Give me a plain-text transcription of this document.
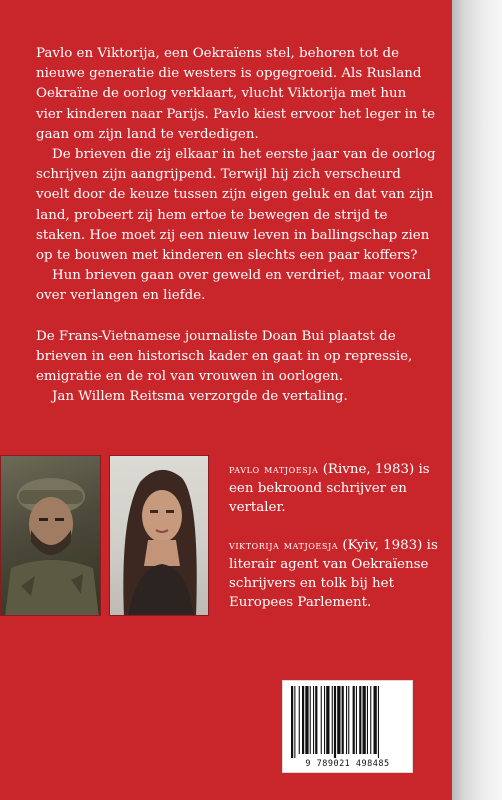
Pavlo en Viktorija, een Oekraïens stel, behoren tot de nieuwe generatie die westers is opgegroeid. Als Rusland Oekraïne de oorlog verklaart, vlucht Viktorija met hun vier kinderen naar Parijs. Pavlo kiest ervoor het leger in te gaan om zijn land te verdedigen.

De brieven die zij elkaar in het eerste jaar van de oorlog schrijven zijn aangrijpend. Terwijl hij zich verscheurd voelt door de keuze tussen zijn eigen geluk en dat van zijn land, probeert zij hem ertoe te bewegen de strijd te staken. Hoe moet zij een nieuw leven in ballingschap zien op te bouwen met kinderen en slechts een paar koffers?

Hun brieven gaan over geweld en verdriet, maar vooral over verlangen en liefde.

De Frans-Vietnamese journaliste Doan Bui plaatst de brieven in een historisch kader en gaat in op repressie, emigratie en de rol van vrouwen in oorlogen.

Jan Willem Reitsma verzorgde de vertaling.

pavlo matjoesja (Rivne, 1983) is een bekroond schrijver en vertaler.
viktorija matjoesja (Kyiv, 1983) is literair agent van Oekraïense schrijvers en tolk bij het Europees Parlement.
9 789021 498485
